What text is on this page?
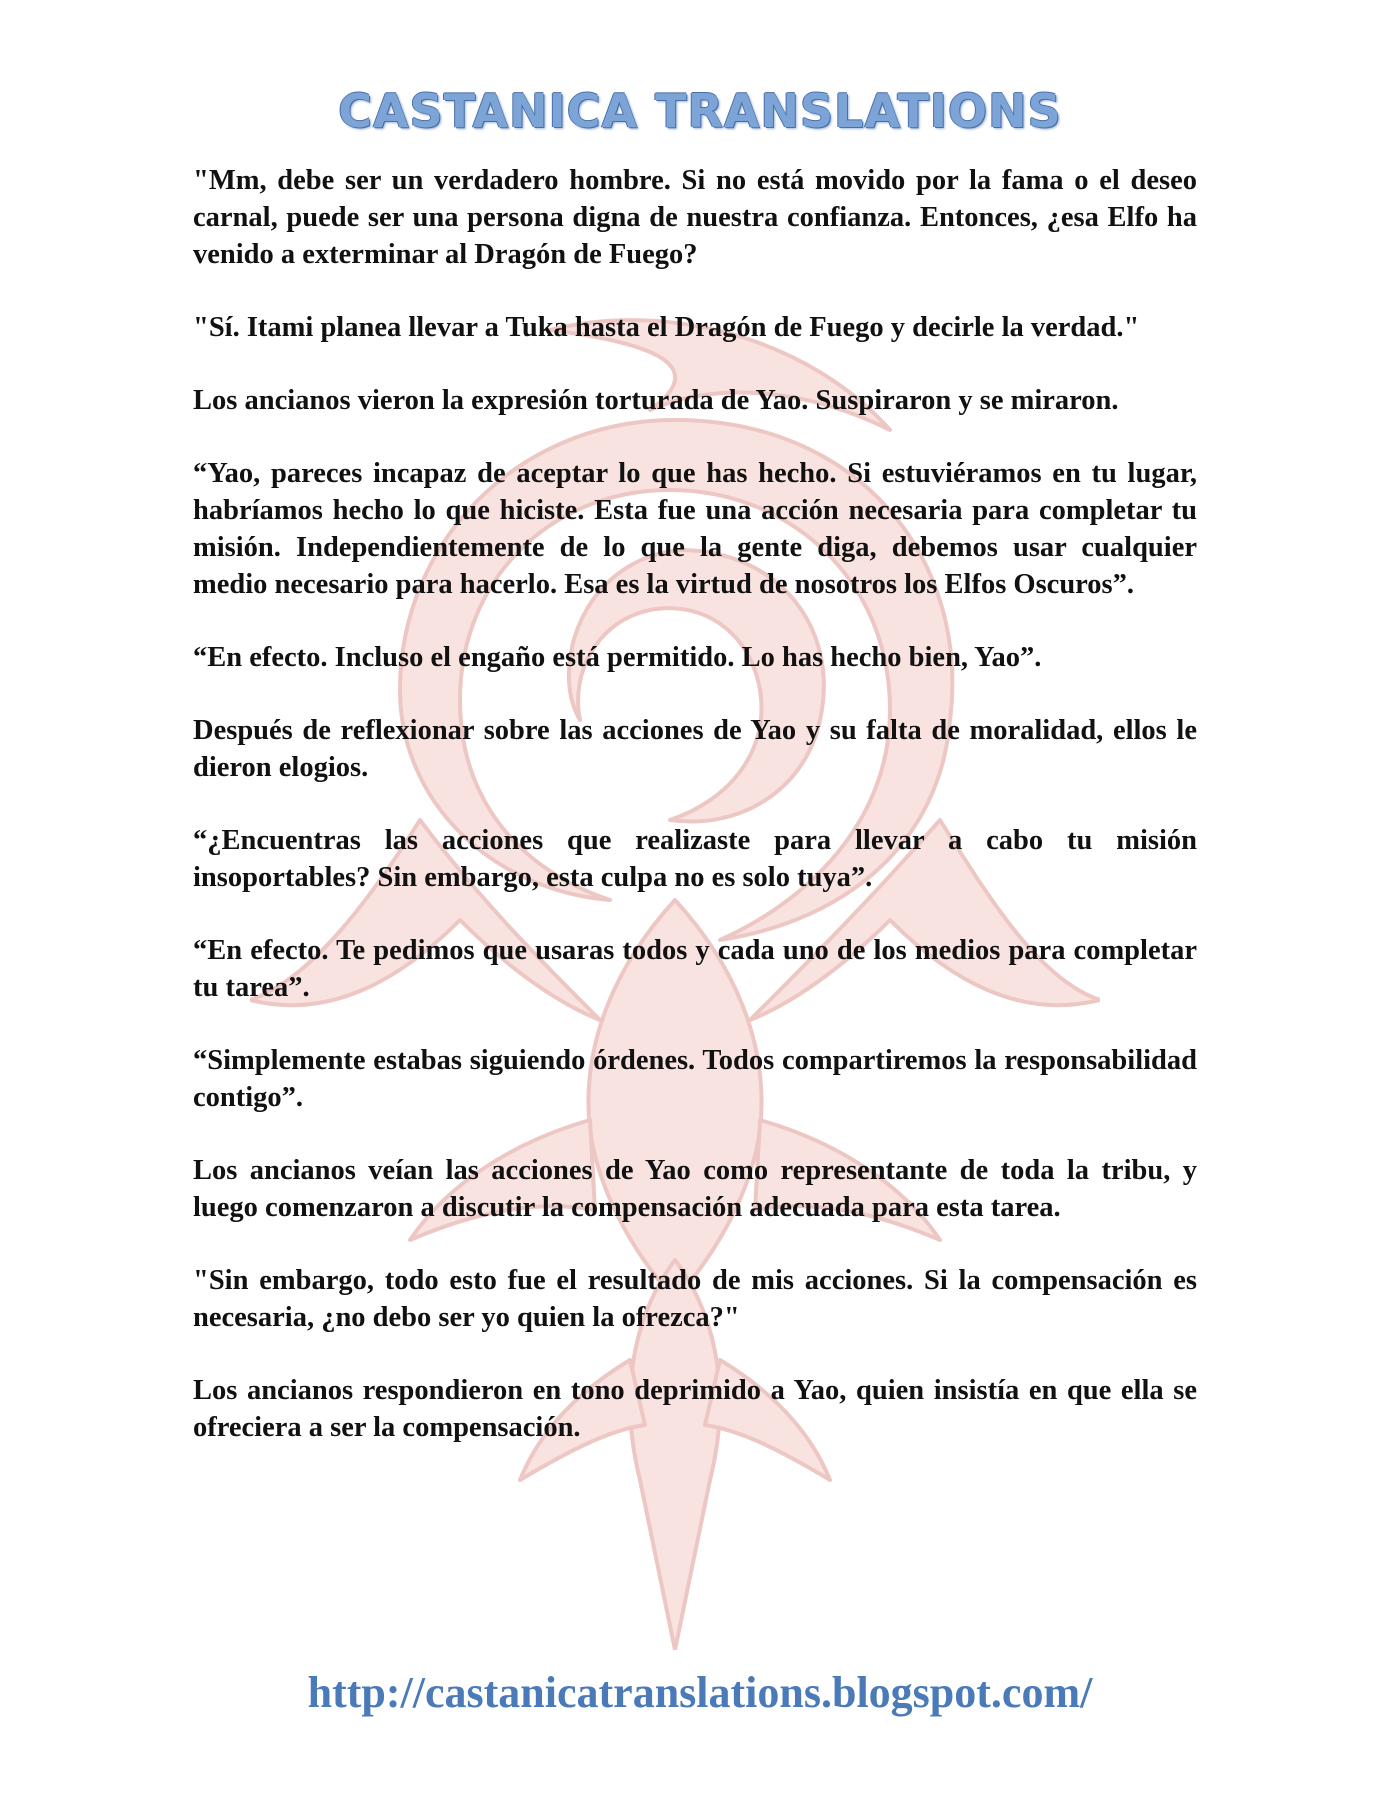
CASTANICA TRANSLATIONS

"Mm, debe ser un verdadero hombre. Si no está movido por la fama o el deseo carnal, puede ser una persona digna de nuestra confianza. Entonces, ¿esa Elfo ha venido a exterminar al Dragón de Fuego?

"Sí. Itami planea llevar a Tuka hasta el Dragón de Fuego y decirle la verdad."

Los ancianos vieron la expresión torturada de Yao. Suspiraron y se miraron.

“Yao, pareces incapaz de aceptar lo que has hecho. Si estuviéramos en tu lugar, habríamos hecho lo que hiciste. Esta fue una acción necesaria para completar tu misión. Independientemente de lo que la gente diga, debemos usar cualquier medio necesario para hacerlo. Esa es la virtud de nosotros los Elfos Oscuros”.

“En efecto. Incluso el engaño está permitido. Lo has hecho bien, Yao”.

Después de reflexionar sobre las acciones de Yao y su falta de moralidad, ellos le dieron elogios.

“¿Encuentras las acciones que realizaste para llevar a cabo tu misión insoportables? Sin embargo, esta culpa no es solo tuya”.

“En efecto. Te pedimos que usaras todos y cada uno de los medios para completar tu tarea”.

“Simplemente estabas siguiendo órdenes. Todos compartiremos la responsabilidad contigo”.

Los ancianos veían las acciones de Yao como representante de toda la tribu, y luego comenzaron a discutir la compensación adecuada para esta tarea.

"Sin embargo, todo esto fue el resultado de mis acciones. Si la compensación es necesaria, ¿no debo ser yo quien la ofrezca?"

Los ancianos respondieron en tono deprimido a Yao, quien insistía en que ella se ofreciera a ser la compensación.

http://castanicatranslations.blogspot.com/
